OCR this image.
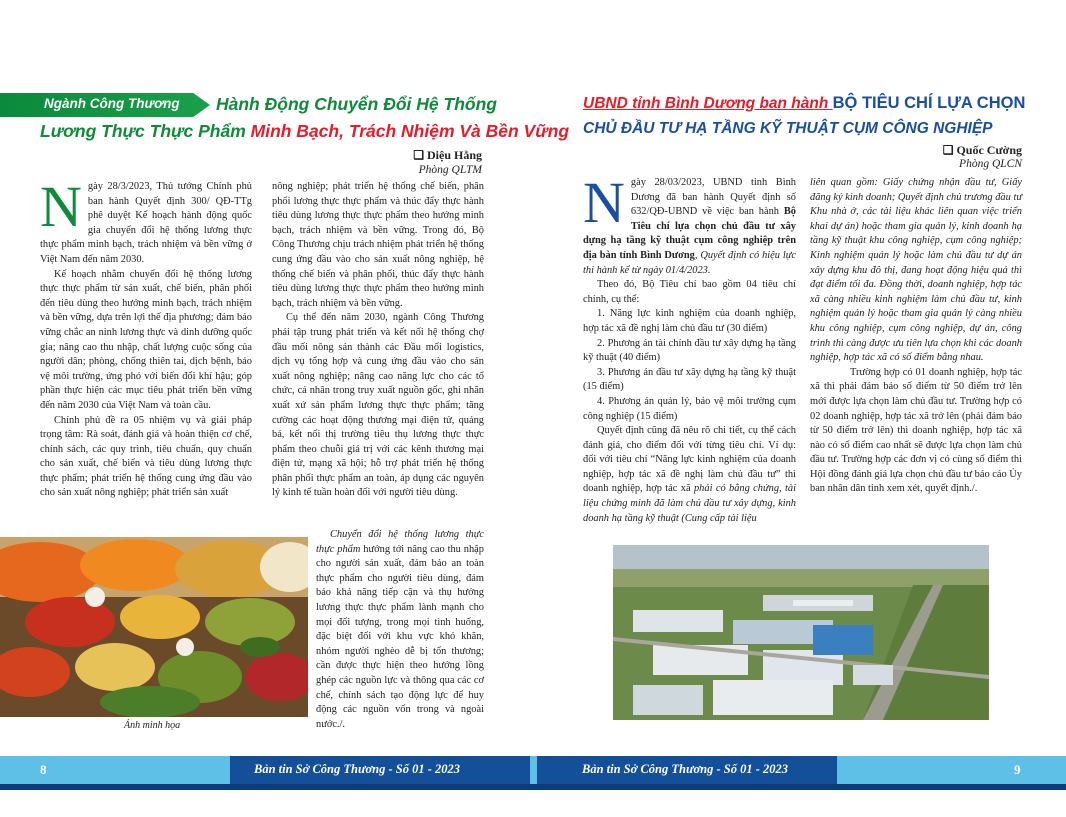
Ngành Công Thương Hành Động Chuyển Đổi Hệ Thống
Lương Thực Thực Phẩm Minh Bạch, Trách Nhiệm Và Bền Vững
❑ Diệu Hằng
Phòng QLTM

Ngày 28/3/2023, Thủ tướng Chính phủ ban hành Quyết định 300/ QĐ-TTg phê duyệt Kế hoạch hành động quốc gia chuyển đổi hệ thống lương thực thực phẩm minh bạch, trách nhiệm và bền vững ở Việt Nam đến năm 2030.

Kế hoạch nhằm chuyển đổi hệ thống lương thực thực phẩm từ sản xuất, chế biến, phân phối đến tiêu dùng theo hướng minh bạch, trách nhiệm và bền vững, dựa trên lợi thế địa phương; đảm bảo vững chắc an ninh lương thực và dinh dưỡng quốc gia; nâng cao thu nhập, chất lượng cuộc sống của người dân; phòng, chống thiên tai, dịch bệnh, bảo vệ môi trường, ứng phó với biến đổi khí hậu; góp phần thực hiện các mục tiêu phát triển bền vững đến năm 2030 của Việt Nam và toàn cầu.

Chính phủ đề ra 05 nhiệm vụ và giải pháp trọng tâm: Rà soát, đánh giá và hoàn thiện cơ chế, chính sách, các quy trình, tiêu chuẩn, quy chuẩn cho sản xuất, chế biến và tiêu dùng lương thực thực phẩm; phát triển hệ thống cung ứng đầu vào cho sản xuất nông nghiệp; phát triển sản xuất

nông nghiệp; phát triển hệ thống chế biến, phân phối lương thực thực phẩm và thúc đẩy thực hành tiêu dùng lương thực thực phẩm theo hướng minh bạch, trách nhiệm và bền vững. Trong đó, Bộ Công Thương chịu trách nhiệm phát triển hệ thống cung ứng đầu vào cho sản xuất nông nghiệp, hệ thống chế biến và phân phối, thúc đẩy thực hành tiêu dùng lương thực thực phẩm theo hướng minh bạch, trách nhiệm và bền vững.

Cụ thể đến năm 2030, ngành Công Thương phải tập trung phát triển và kết nối hệ thống chợ đầu mối nông sản thành các Đầu mối logistics, dịch vụ tổng hợp và cung ứng đầu vào cho sản xuất nông nghiệp; nâng cao năng lực cho các tổ chức, cá nhân trong truy xuất nguồn gốc, ghi nhãn xuất xứ sản phẩm lương thực thực phẩm; tăng cường các hoạt động thương mại điện tử, quảng bá, kết nối thị trường tiêu thụ lương thực thực phẩm theo chuỗi giá trị với các kênh thương mại điện tử, mạng xã hội; hỗ trợ phát triển hệ thống phân phối thực phẩm an toàn, áp dụng các nguyên lý kinh tế tuần hoàn đối với người tiêu dùng.

Chuyển đổi hệ thống lương thực thực phẩm hướng tới nâng cao thu nhập cho người sản xuất, đảm bảo an toàn thực phẩm cho người tiêu dùng, đảm bảo khả năng tiếp cận và thụ hưởng lương thực thực phẩm lành mạnh cho mọi đối tượng, trong mọi tình huống, đặc biệt đối với khu vực khó khăn, nhóm người nghèo dễ bị tổn thương; cần được thực hiện theo hướng lồng ghép các nguồn lực và thông qua các cơ chế, chính sách tạo động lực để huy động các nguồn vốn trong và ngoài nước./.

Ảnh minh họa
UBND tỉnh Bình Dương ban hành BỘ TIÊU CHÍ LỰA CHỌN
CHỦ ĐẦU TƯ HẠ TẦNG KỸ THUẬT CỤM CÔNG NGHIỆP
❑ Quốc Cường
Phòng QLCN

Ngày 28/03/2023, UBND tỉnh Bình Dương đã ban hành Quyết định số 632/QĐ-UBND về việc ban hành Bộ Tiêu chí lựa chọn chủ đầu tư xây dựng hạ tầng kỹ thuật cụm công nghiệp trên địa bàn tỉnh Bình Dương, Quyết định có hiệu lực thi hành kể từ ngày 01/4/2023.

Theo đó, Bộ Tiêu chí bao gồm 04 tiêu chí chính, cụ thể:

1. Năng lực kinh nghiệm của doanh nghiệp, hợp tác xã đề nghị làm chủ đầu tư (30 điểm)

2. Phương án tài chính đầu tư xây dựng hạ tầng kỹ thuật (40 điểm)

3. Phương án đầu tư xây dựng hạ tầng kỹ thuật (15 điểm)

4. Phương án quản lý, bảo vệ môi trường cụm công nghiệp (15 điểm)

Quyết định cũng đã nêu rõ chi tiết, cụ thể cách đánh giá, cho điểm đối với từng tiêu chí. Ví dụ: đối với tiêu chí “Năng lực kinh nghiệm của doanh nghiệp, hợp tác xã đề nghị làm chủ đầu tư” thì doanh nghiệp, hợp tác xã phải có bằng chứng, tài liệu chứng minh đã làm chủ đầu tư xây dựng, kinh doanh hạ tầng kỹ thuật (Cung cấp tài liệu

liên quan gồm: Giấy chứng nhận đầu tư, Giấy đăng ký kinh doanh; Quyết định chủ trương đầu tư Khu nhà ở, các tài liệu khác liên quan việc triển khai dự án) hoặc tham gia quản lý, kinh doanh hạ tầng kỹ thuật khu công nghiệp, cụm công nghiệp; Kinh nghiệm quản lý hoặc làm chủ đầu tư dự án xây dựng khu đô thị, đang hoạt động hiệu quả thì đạt điểm tối đa. Đồng thời, doanh nghiệp, hợp tác xã càng nhiều kinh nghiệm làm chủ đầu tư, kinh nghiệm quản lý hoặc tham gia quản lý càng nhiều khu công nghiệp, cụm công nghiệp, dự án, công trình thì càng được ưu tiên lựa chọn khi các doanh nghiệp, hợp tác xã có số điểm bằng nhau.

Trường hợp có 01 doanh nghiệp, hợp tác xã thì phải đảm bảo số điểm từ 50 điểm trở lên mới được lựa chọn làm chủ đầu tư. Trường hợp có 02 doanh nghiệp, hợp tác xã trở lên (phải đảm bảo từ 50 điểm trở lên) thì doanh nghiệp, hợp tác xã nào có số điểm cao nhất sẽ được lựa chọn làm chủ đầu tư. Trường hợp các đơn vị có cùng số điểm thì Hội đồng đánh giá lựa chọn chủ đầu tư báo cáo Ủy ban nhân dân tỉnh xem xét, quyết định./.

8	Bản tin Sở Công Thương - Số 01 - 2023	Bản tin Sở Công Thương - Số 01 - 2023	9
